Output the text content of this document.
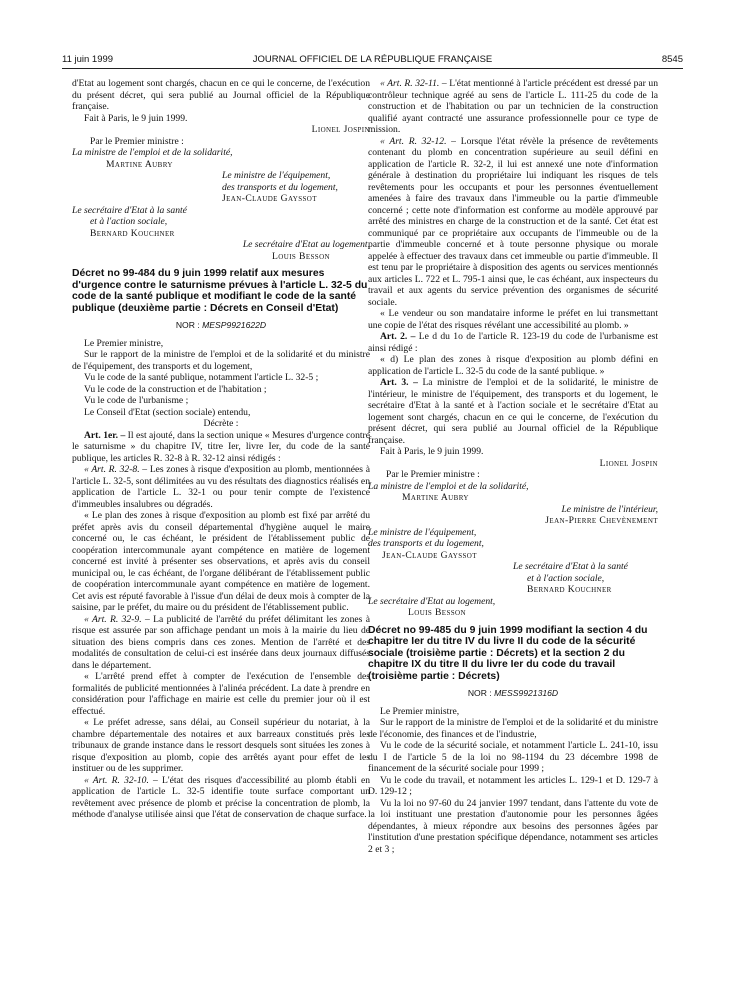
11 juin 1999	JOURNAL OFFICIEL DE LA RÉPUBLIQUE FRANÇAISE	8545

d'Etat au logement sont chargés, chacun en ce qui le concerne, de l'exécution du présent décret, qui sera publié au Journal officiel de la République française.

Fait à Paris, le 9 juin 1999.

Lionel Jospin

Par le Premier ministre :

La ministre de l'emploi et de la solidarité,

Martine Aubry

Le ministre de l'équipement,
des transports et du logement,
Jean-Claude Gayssot
Le secrétaire d'Etat à la santé
et à l'action sociale,
Bernard Kouchner
Le secrétaire d'Etat au logement,
Louis Besson

Décret no 99-484 du 9 juin 1999 relatif aux mesures d'urgence contre le saturnisme prévues à l'article L. 32-5 du code de la santé publique et modifiant le code de la santé publique (deuxième partie : Décrets en Conseil d'Etat)

NOR : MESP9921622D

Le Premier ministre,

Sur le rapport de la ministre de l'emploi et de la solidarité et du ministre de l'équipement, des transports et du logement,

Vu le code de la santé publique, notamment l'article L. 32-5 ;

Vu le code de la construction et de l'habitation ;

Vu le code de l'urbanisme ;

Le Conseil d'Etat (section sociale) entendu,

Décrète :

Art. 1er. – Il est ajouté, dans la section unique « Mesures d'urgence contre le saturnisme » du chapitre IV, titre Ier, livre Ier, du code de la santé publique, les articles R. 32-8 à R. 32-12 ainsi rédigés :

« Art. R. 32-8. – Les zones à risque d'exposition au plomb, mentionnées à l'article L. 32-5, sont délimitées au vu des résultats des diagnostics réalisés en application de l'article L. 32-1 ou pour tenir compte de l'existence d'immeubles insalubres ou dégradés.

« Le plan des zones à risque d'exposition au plomb est fixé par arrêté du préfet après avis du conseil départemental d'hygiène auquel le maire concerné ou, le cas échéant, le président de l'établissement public de coopération intercommunale ayant compétence en matière de logement concerné est invité à présenter ses observations, et après avis du conseil municipal ou, le cas échéant, de l'organe délibérant de l'établissement public de coopération intercommunale ayant compétence en matière de logement. Cet avis est réputé favorable à l'issue d'un délai de deux mois à compter de la saisine, par le préfet, du maire ou du président de l'établissement public.

« Art. R. 32-9. – La publicité de l'arrêté du préfet délimitant les zones à risque est assurée par son affichage pendant un mois à la mairie du lieu de situation des biens compris dans ces zones. Mention de l'arrêté et des modalités de consultation de celui-ci est insérée dans deux journaux diffusés dans le département.

« L'arrêté prend effet à compter de l'exécution de l'ensemble des formalités de publicité mentionnées à l'alinéa précédent. La date à prendre en considération pour l'affichage en mairie est celle du premier jour où il est effectué.

« Le préfet adresse, sans délai, au Conseil supérieur du notariat, à la chambre départementale des notaires et aux barreaux constitués près les tribunaux de grande instance dans le ressort desquels sont situées les zones à risque d'exposition au plomb, copie des arrêtés ayant pour effet de les instituer ou de les supprimer.

« Art. R. 32-10. – L'état des risques d'accessibilité au plomb établi en application de l'article L. 32-5 identifie toute surface comportant un revêtement avec présence de plomb et précise la concentration de plomb, la méthode d'analyse utilisée ainsi que l'état de conservation de chaque surface.

« Art. R. 32-11. – L'état mentionné à l'article précédent est dressé par un contrôleur technique agréé au sens de l'article L. 111-25 du code de la construction et de l'habitation ou par un technicien de la construction qualifié ayant contracté une assurance professionnelle pour ce type de mission.

« Art. R. 32-12. – Lorsque l'état révèle la présence de revêtements contenant du plomb en concentration supérieure au seuil défini en application de l'article R. 32-2, il lui est annexé une note d'information générale à destination du propriétaire lui indiquant les risques de tels revêtements pour les occupants et pour les personnes éventuellement amenées à faire des travaux dans l'immeuble ou la partie d'immeuble concerné ; cette note d'information est conforme au modèle approuvé par arrêté des ministres en charge de la construction et de la santé. Cet état est communiqué par ce propriétaire aux occupants de l'immeuble ou de la partie d'immeuble concerné et à toute personne physique ou morale appelée à effectuer des travaux dans cet immeuble ou partie d'immeuble. Il est tenu par le propriétaire à disposition des agents ou services mentionnés aux articles L. 722 et L. 795-1 ainsi que, le cas échéant, aux inspecteurs du travail et aux agents du service prévention des organismes de sécurité sociale.

« Le vendeur ou son mandataire informe le préfet en lui transmettant une copie de l'état des risques révélant une accessibilité au plomb. »

Art. 2. – Le d du 1o de l'article R. 123-19 du code de l'urbanisme est ainsi rédigé :

« d) Le plan des zones à risque d'exposition au plomb défini en application de l'article L. 32-5 du code de la santé publique. »

Art. 3. – La ministre de l'emploi et de la solidarité, le ministre de l'intérieur, le ministre de l'équipement, des transports et du logement, le secrétaire d'Etat à la santé et à l'action sociale et le secrétaire d'Etat au logement sont chargés, chacun en ce qui le concerne, de l'exécution du présent décret, qui sera publié au Journal officiel de la République française.

Fait à Paris, le 9 juin 1999.

Lionel Jospin

Par le Premier ministre :

La ministre de l'emploi et de la solidarité,

Martine Aubry

Le ministre de l'intérieur,
Jean-Pierre Chevènement
Le ministre de l'équipement,
des transports et du logement,
Jean-Claude Gayssot
Le secrétaire d'Etat à la santé
et à l'action sociale,
Bernard Kouchner
Le secrétaire d'Etat au logement,
Louis Besson

Décret no 99-485 du 9 juin 1999 modifiant la section 4 du chapitre Ier du titre IV du livre II du code de la sécurité sociale (troisième partie : Décrets) et la section 2 du chapitre IX du titre II du livre Ier du code du travail (troisième partie : Décrets)

NOR : MESS9921316D

Le Premier ministre,

Sur le rapport de la ministre de l'emploi et de la solidarité et du ministre de l'économie, des finances et de l'industrie,

Vu le code de la sécurité sociale, et notamment l'article L. 241-10, issu du I de l'article 5 de la loi no 98-1194 du 23 décembre 1998 de financement de la sécurité sociale pour 1999 ;

Vu le code du travail, et notamment les articles L. 129-1 et D. 129-7 à D. 129-12 ;

Vu la loi no 97-60 du 24 janvier 1997 tendant, dans l'attente du vote de la loi instituant une prestation d'autonomie pour les personnes âgées dépendantes, à mieux répondre aux besoins des personnes âgées par l'institution d'une prestation spécifique dépendance, notamment ses articles 2 et 3 ;
